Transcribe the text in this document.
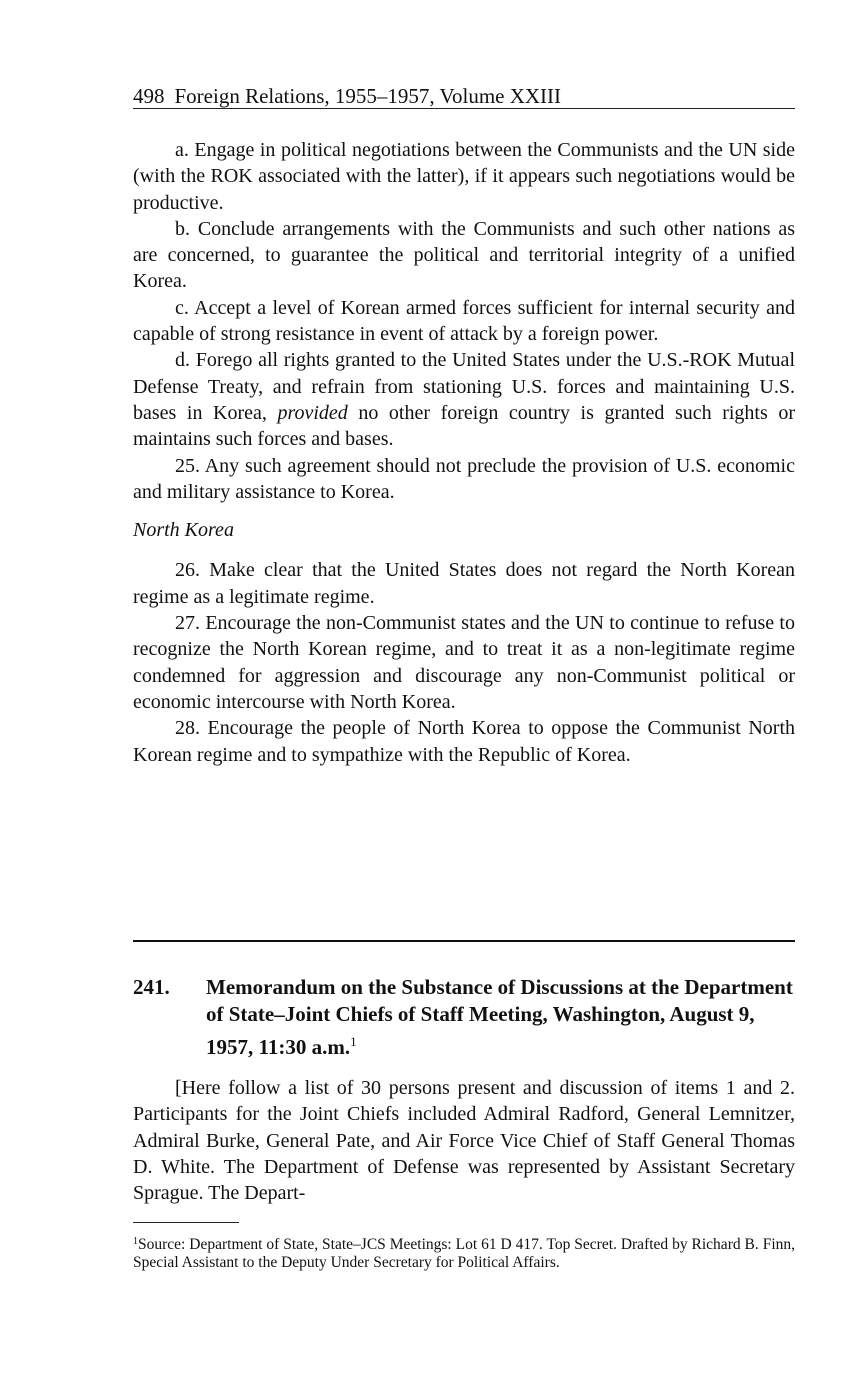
498 Foreign Relations, 1955–1957, Volume XXIII

a. Engage in political negotiations between the Communists and the UN side (with the ROK associated with the latter), if it appears such negotiations would be productive.

b. Conclude arrangements with the Communists and such other nations as are concerned, to guarantee the political and territorial integrity of a unified Korea.

c. Accept a level of Korean armed forces sufficient for internal security and capable of strong resistance in event of attack by a foreign power.

d. Forego all rights granted to the United States under the U.S.-ROK Mutual Defense Treaty, and refrain from stationing U.S. forces and maintaining U.S. bases in Korea, provided no other foreign country is granted such rights or maintains such forces and bases.

25. Any such agreement should not preclude the provision of U.S. economic and military assistance to Korea.

North Korea

26. Make clear that the United States does not regard the North Korean regime as a legitimate regime.

27. Encourage the non-Communist states and the UN to continue to refuse to recognize the North Korean regime, and to treat it as a non-legitimate regime condemned for aggression and discourage any non-Communist political or economic intercourse with North Korea.

28. Encourage the people of North Korea to oppose the Communist North Korean regime and to sympathize with the Republic of Korea.

241.	Memorandum on the Substance of Discussions at the Department of State–Joint Chiefs of Staff Meeting, Washington, August 9, 1957, 11:30 a.m.$^1$

[Here follow a list of 30 persons present and discussion of items 1 and 2. Participants for the Joint Chiefs included Admiral Radford, General Lemnitzer, Admiral Burke, General Pate, and Air Force Vice Chief of Staff General Thomas D. White. The Department of Defense was represented by Assistant Secretary Sprague. The Depart-

$^1$Source: Department of State, State–JCS Meetings: Lot 61 D 417. Top Secret. Drafted by Richard B. Finn, Special Assistant to the Deputy Under Secretary for Political Affairs.
